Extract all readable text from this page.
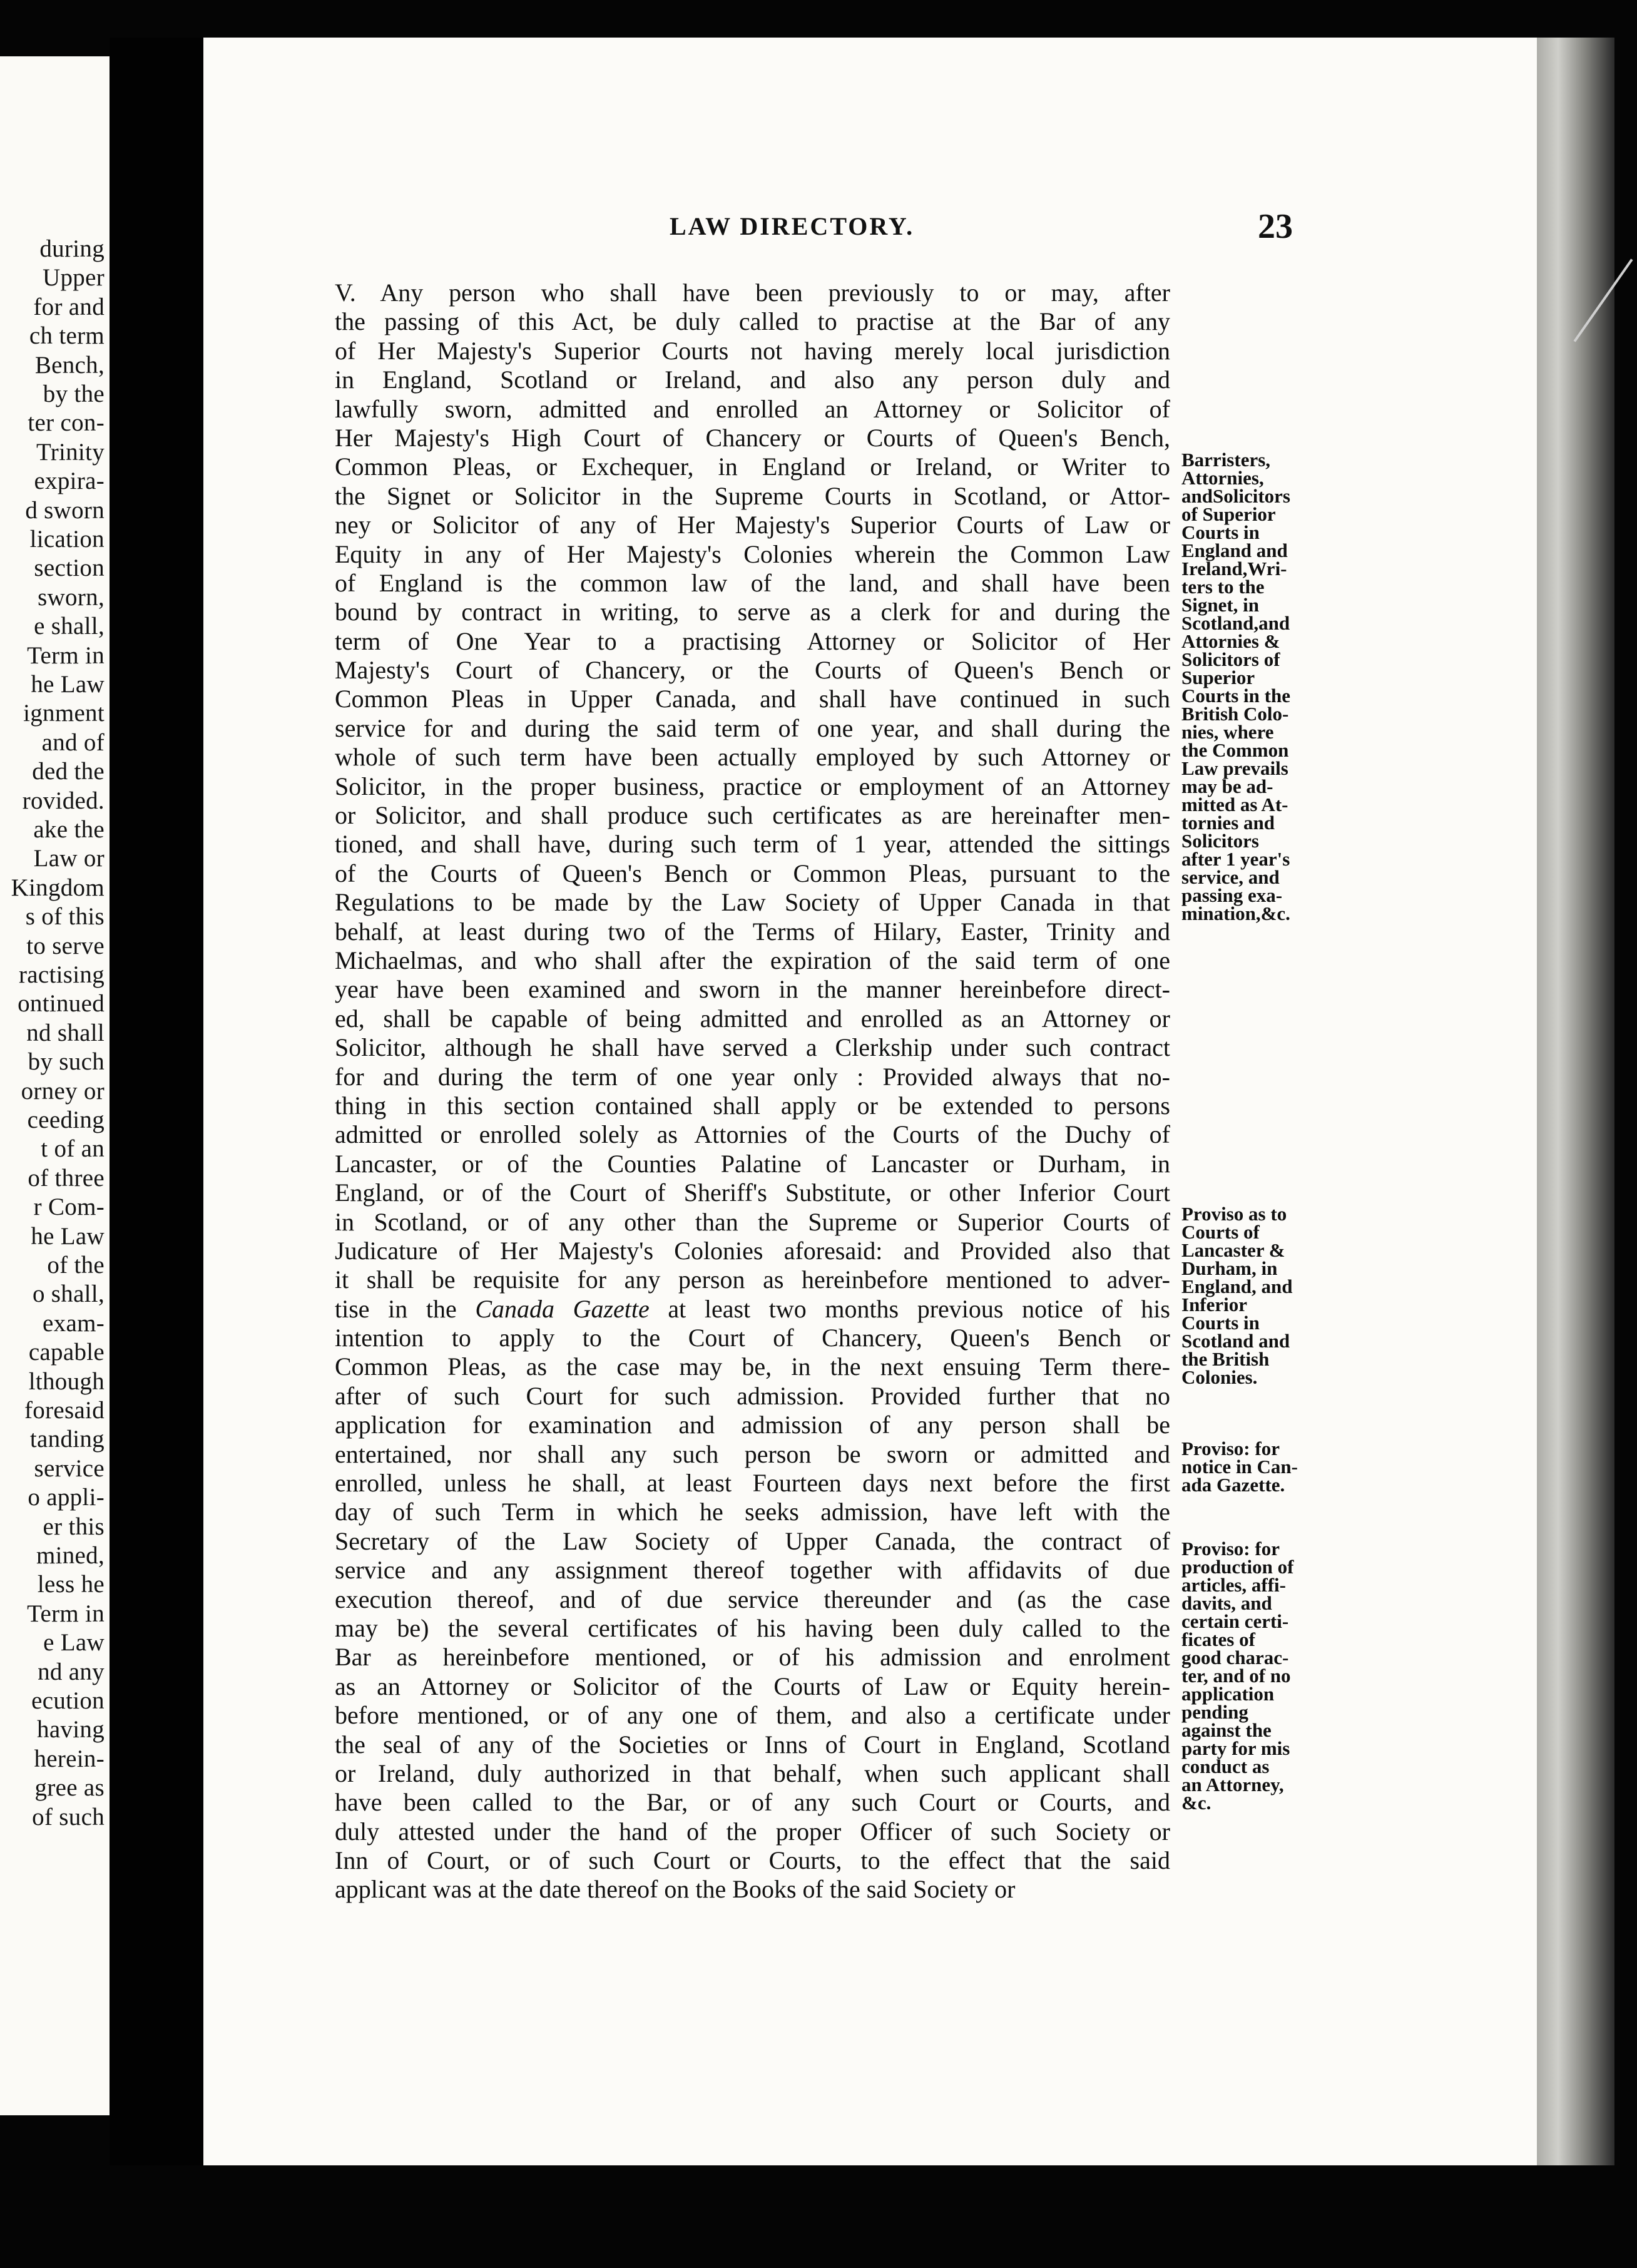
during
Upper
for and
ch term
Bench,
by the
ter con-
Trinity
expira-
d sworn
lication
section
sworn,
e shall,
Term in
he Law
ignment
and of
ded the
rovided.
ake the
Law or
Kingdom
s of this
to serve
ractising
ontinued
nd shall
by such
orney or
ceeding
t of an
of three
r Com-
he Law
of the
o shall,
exam-
capable
lthough
foresaid
tanding
service
o appli-
er this
mined,
less he
Term in
e Law
nd any
ecution
having
herein-
gree as
of such
LAW DIRECTORY.	23
V. Any person who shall have been previously to or may, after
the passing of this Act, be duly called to practise at the Bar of any
of Her Majesty's Superior Courts not having merely local jurisdiction
in England, Scotland or Ireland, and also any person duly and
lawfully sworn, admitted and enrolled an Attorney or Solicitor of
Her Majesty's High Court of Chancery or Courts of Queen's Bench,
Common Pleas, or Exchequer, in England or Ireland, or Writer to
the Signet or Solicitor in the Supreme Courts in Scotland, or Attor-
ney or Solicitor of any of Her Majesty's Superior Courts of Law or
Equity in any of Her Majesty's Colonies wherein the Common Law
of England is the common law of the land, and shall have been
bound by contract in writing, to serve as a clerk for and during the
term of One Year to a practising Attorney or Solicitor of Her
Majesty's Court of Chancery, or the Courts of Queen's Bench or
Common Pleas in Upper Canada, and shall have continued in such
service for and during the said term of one year, and shall during the
whole of such term have been actually employed by such Attorney or
Solicitor, in the proper business, practice or employment of an Attorney
or Solicitor, and shall produce such certificates as are hereinafter men-
tioned, and shall have, during such term of 1 year, attended the sittings
of the Courts of Queen's Bench or Common Pleas, pursuant to the
Regulations to be made by the Law Society of Upper Canada in that
behalf, at least during two of the Terms of Hilary, Easter, Trinity and
Michaelmas, and who shall after the expiration of the said term of one
year have been examined and sworn in the manner hereinbefore direct-
ed, shall be capable of being admitted and enrolled as an Attorney or
Solicitor, although he shall have served a Clerkship under such contract
for and during the term of one year only : Provided always that no-
thing in this section contained shall apply or be extended to persons
admitted or enrolled solely as Attornies of the Courts of the Duchy of
Lancaster, or of the Counties Palatine of Lancaster or Durham, in
England, or of the Court of Sheriff's Substitute, or other Inferior Court
in Scotland, or of any other than the Supreme or Superior Courts of
Judicature of Her Majesty's Colonies aforesaid: and Provided also that
it shall be requisite for any person as hereinbefore mentioned to adver-
tise in the Canada Gazette at least two months previous notice of his
intention to apply to the Court of Chancery, Queen's Bench or
Common Pleas, as the case may be, in the next ensuing Term there-
after of such Court for such admission. Provided further that no
application for examination and admission of any person shall be
entertained, nor shall any such person be sworn or admitted and
enrolled, unless he shall, at least Fourteen days next before the first
day of such Term in which he seeks admission, have left with the
Secretary of the Law Society of Upper Canada, the contract of
service and any assignment thereof together with affidavits of due
execution thereof, and of due service thereunder and (as the case
may be) the several certificates of his having been duly called to the
Bar as hereinbefore mentioned, or of his admission and enrolment
as an Attorney or Solicitor of the Courts of Law or Equity herein-
before mentioned, or of any one of them, and also a certificate under
the seal of any of the Societies or Inns of Court in England, Scotland
or Ireland, duly authorized in that behalf, when such applicant shall
have been called to the Bar, or of any such Court or Courts, and
duly attested under the hand of the proper Officer of such Society or
Inn of Court, or of such Court or Courts, to the effect that the said
applicant was at the date thereof on the Books of the said Society or
Barristers,
Attornies,
andSolicitors
of Superior
Courts in
England and
Ireland,Wri-
ters to the
Signet, in
Scotland,and
Attornies &
Solicitors of
Superior
Courts in the
British Colo-
nies, where
the Common
Law prevails
may be ad-
mitted as At-
tornies and
Solicitors
after 1 year's
service, and
passing exa-
mination,&c.
Proviso as to
Courts of
Lancaster &
Durham, in
England, and
Inferior
Courts in
Scotland and
the British
Colonies.
Proviso: for
notice in Can-
ada Gazette.
Proviso: for
production of
articles, affi-
davits, and
certain certi-
ficates of
good charac-
ter, and of no
application
pending
against the
party for mis
conduct as
an Attorney,
&c.
